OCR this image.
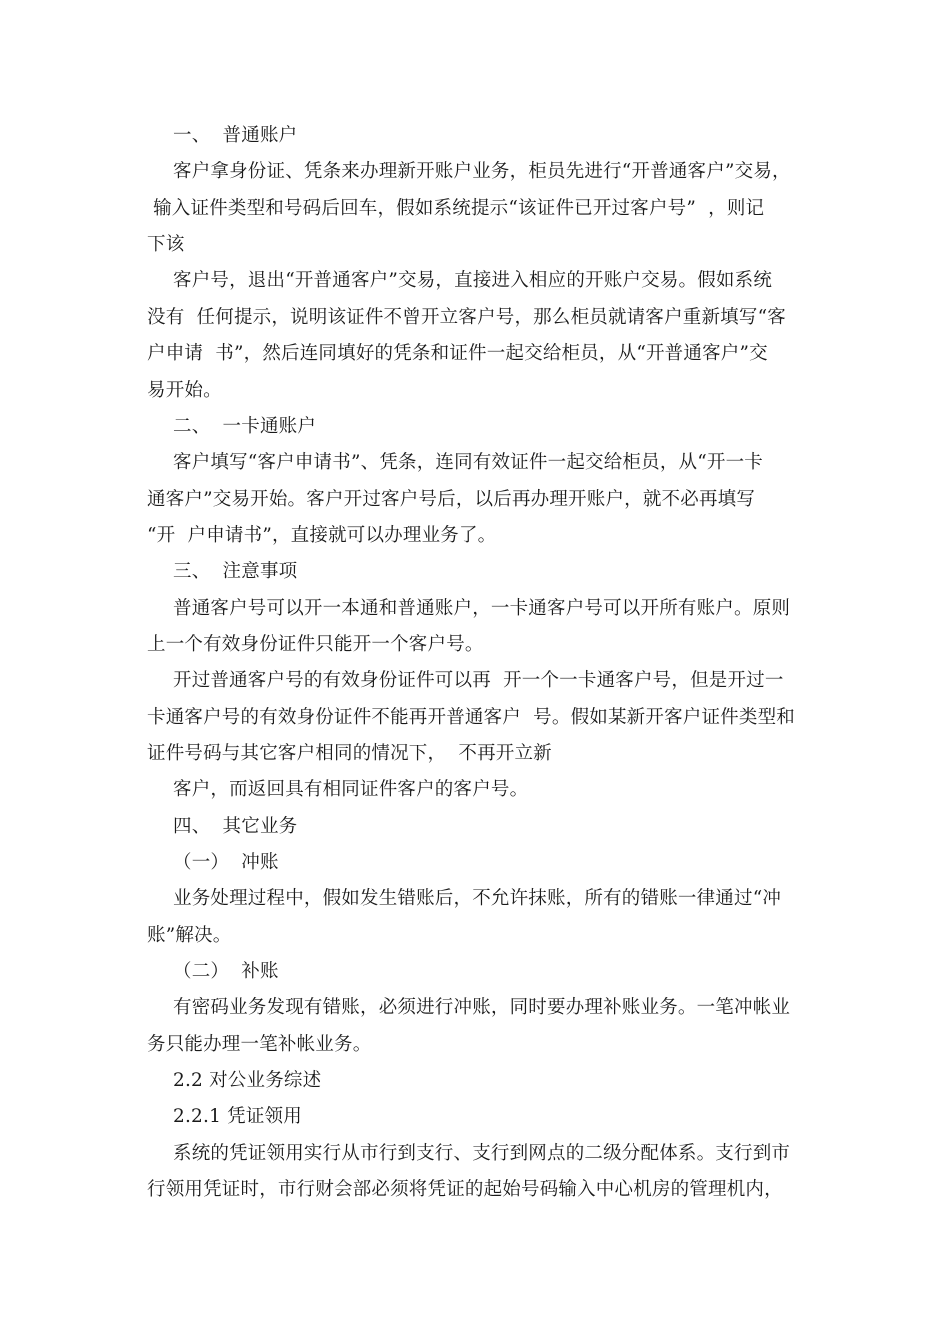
一、  普通账户
客户拿身份证、凭条来办理新开账户业务，柜员先进行“开普通客户”交易，
输入证件类型和号码后回车，假如系统提示“该证件已开过客户号”  ，则记
下该
客户号，退出“开普通客户”交易，直接进入相应的开账户交易。假如系统
没有  任何提示，说明该证件不曾开立客户号，那么柜员就请客户重新填写“客
户申请  书”，然后连同填好的凭条和证件一起交给柜员，从“开普通客户”交
易开始。
二、  一卡通账户
客户填写“客户申请书”、凭条，连同有效证件一起交给柜员，从“开一卡
通客户”交易开始。客户开过客户号后，以后再办理开账户，就不必再填写
“开  户申请书”，直接就可以办理业务了。
三、  注意事项
普通客户号可以开一本通和普通账户，一卡通客户号可以开所有账户。原则
上一个有效身份证件只能开一个客户号。
开过普通客户号的有效身份证件可以再  开一个一卡通客户号，但是开过一
卡通客户号的有效身份证件不能再开普通客户  号。假如某新开客户证件类型和
证件号码与其它客户相同的情况下，  不再开立新
客户，而返回具有相同证件客户的客户号。
四、  其它业务
（一）  冲账
业务处理过程中，假如发生错账后，不允许抹账，所有的错账一律通过“冲
账”解决。
（二）  补账
有密码业务发现有错账，必须进行冲账，同时要办理补账业务。一笔冲帐业
务只能办理一笔补帐业务。
2.2 对公业务综述
2.2.1 凭证领用
系统的凭证领用实行从市行到支行、支行到网点的二级分配体系。支行到市
行领用凭证时，市行财会部必须将凭证的起始号码输入中心机房的管理机内，
